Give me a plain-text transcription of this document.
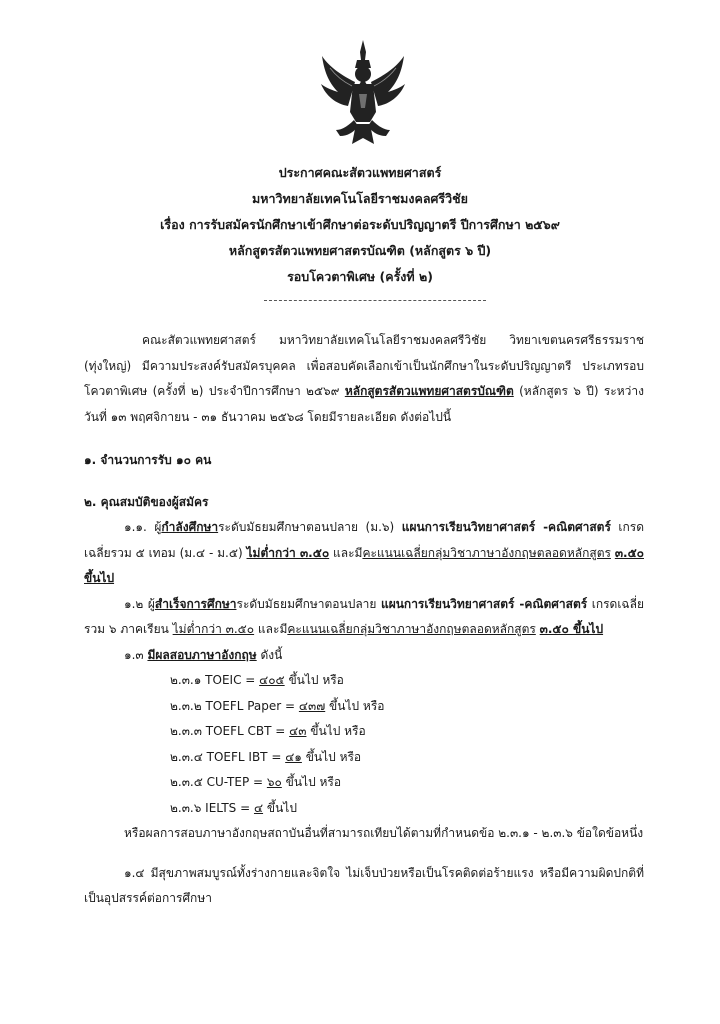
ประกาศคณะสัตวแพทยศาสตร์
มหาวิทยาลัยเทคโนโลยีราชมงคลศรีวิชัย
เรื่อง การรับสมัครนักศึกษาเข้าศึกษาต่อระดับปริญญาตรี ปีการศึกษา ๒๕๖๙
หลักสูตรสัตวแพทยศาสตรบัณฑิต (หลักสูตร ๖ ปี)
รอบโควตาพิเศษ (ครั้งที่ ๒)

คณะสัตวแพทยศาสตร์ มหาวิทยาลัยเทคโนโลยีราชมงคลศรีวิชัย วิทยาเขตนครศรีธรรมราช (ทุ่งใหญ่) มีความประสงค์รับสมัครบุคคล เพื่อสอบคัดเลือกเข้าเป็นนักศึกษาในระดับปริญญาตรี ประเภทรอบโควตาพิเศษ (ครั้งที่ ๒) ประจำปีการศึกษา ๒๕๖๙ หลักสูตรสัตวแพทยศาสตรบัณฑิต (หลักสูตร ๖ ปี) ระหว่างวันที่ ๑๓ พฤศจิกายน - ๓๑ ธันวาคม ๒๕๖๘ โดยมีรายละเอียด ดังต่อไปนี้

๑. จำนวนการรับ ๑๐ คน

๒. คุณสมบัติของผู้สมัคร

๑.๑. ผู้กำลังศึกษาระดับมัธยมศึกษาตอนปลาย (ม.๖) แผนการเรียนวิทยาศาสตร์ -คณิตศาสตร์ เกรดเฉลี่ยรวม ๕ เทอม (ม.๔ - ม.๕) ไม่ต่ำกว่า ๓.๕๐ และมีคะแนนเฉลี่ยกลุ่มวิชาภาษาอังกฤษตลอดหลักสูตร ๓.๕๐ ขึ้นไป

๑.๒ ผู้สำเร็จการศึกษาระดับมัธยมศึกษาตอนปลาย แผนการเรียนวิทยาศาสตร์ -คณิตศาสตร์ เกรดเฉลี่ยรวม ๖ ภาคเรียน ไม่ต่ำกว่า ๓.๕๐ และมีคะแนนเฉลี่ยกลุ่มวิชาภาษาอังกฤษตลอดหลักสูตร ๓.๕๐ ขึ้นไป

๑.๓ มีผลสอบภาษาอังกฤษ ดังนี้

๒.๓.๑ TOEIC = ๔๐๕ ขึ้นไป หรือ
๒.๓.๒ TOEFL Paper = ๔๓๗ ขึ้นไป หรือ
๒.๓.๓ TOEFL CBT = ๔๓ ขึ้นไป หรือ
๒.๓.๔ TOEFL IBT = ๔๑ ขึ้นไป หรือ
๒.๓.๕ CU-TEP = ๖๐ ขึ้นไป หรือ
๒.๓.๖ IELTS = ๔ ขึ้นไป

หรือผลการสอบภาษาอังกฤษสถาบันอื่นที่สามารถเทียบได้ตามที่กำหนดข้อ ๒.๓.๑ - ๒.๓.๖ ข้อใดข้อหนึ่ง

๑.๔ มีสุขภาพสมบูรณ์ทั้งร่างกายและจิตใจ ไม่เจ็บป่วยหรือเป็นโรคติดต่อร้ายแรง หรือมีความผิดปกติที่เป็นอุปสรรค์ต่อการศึกษา
